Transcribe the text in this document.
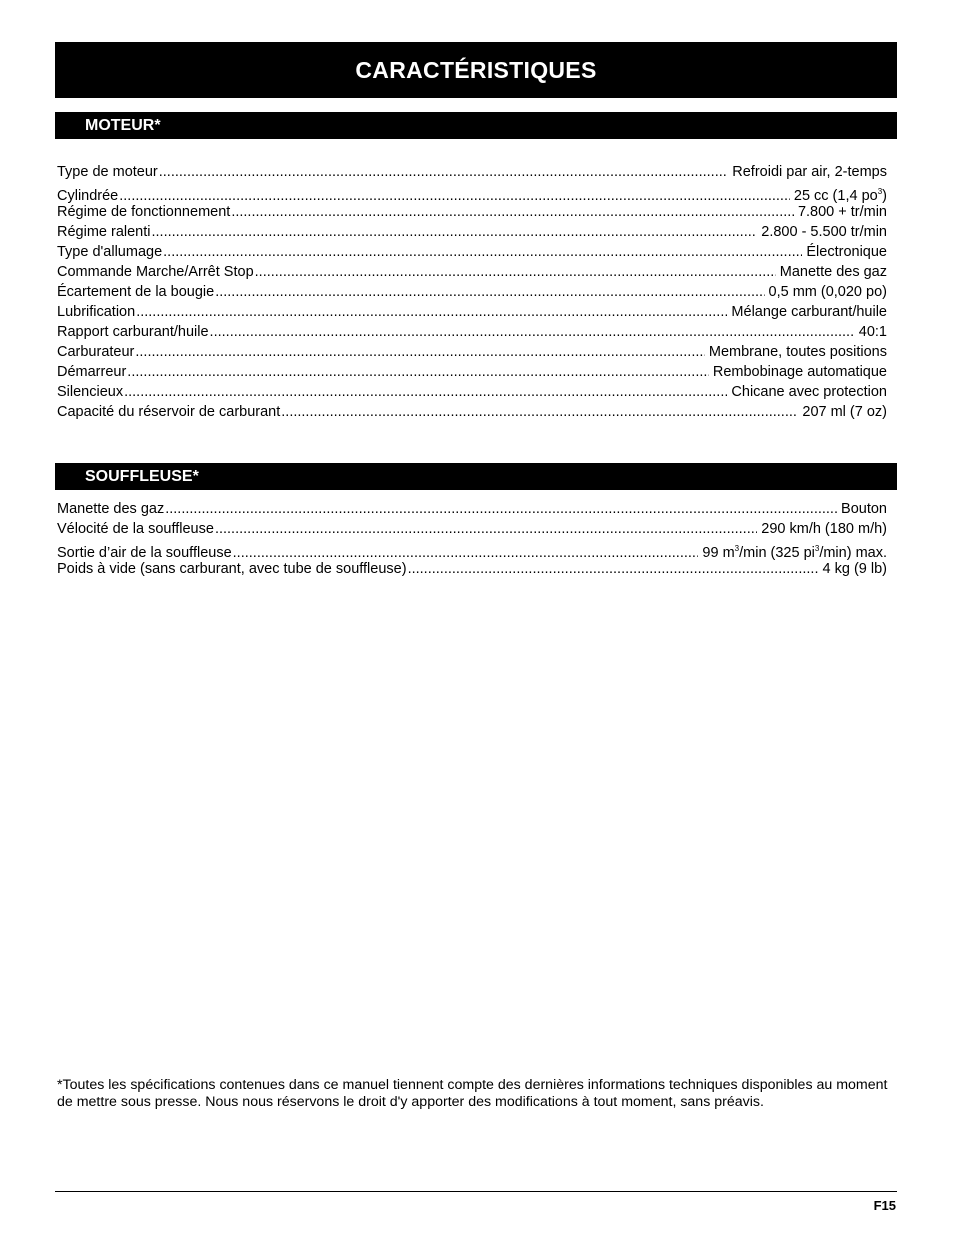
CARACTÉRISTIQUES
MOTEUR*
Type de moteur .....	Refroidi par air, 2-temps
Cylindrée .....	25 cc (1,4 $po^3$)
Régime de fonctionnement .....	7.800 + tr/min
Régime ralenti .....	2.800 - 5.500 tr/min
Type d'allumage .....	Électronique
Commande Marche/Arrêt Stop .....	Manette des gaz
Écartement de la bougie .....	0,5 mm (0,020 po)
Lubrification .....	Mélange carburant/huile
Rapport carburant/huile .....	40:1
Carburateur .....	Membrane, toutes positions
Démarreur .....	Rembobinage automatique
Silencieux .....	Chicane avec protection
Capacité du réservoir de carburant .....	207 ml (7 oz)
SOUFFLEUSE*
Manette des gaz .....	Bouton
Vélocité de la souffleuse .....	290 km/h (180 m/h)
Sortie d’air de la souffleuse .....	99 $m^3/\min$ (325 $pi^3/\min$) max.
Poids à vide (sans carburant, avec tube de souffleuse) .....	4 kg (9 lb)
*Toutes les spécifications contenues dans ce manuel tiennent compte des dernières informations techniques disponibles au moment de mettre sous presse. Nous nous réservons le droit d'y apporter des modifications à tout moment, sans préavis.
F15
